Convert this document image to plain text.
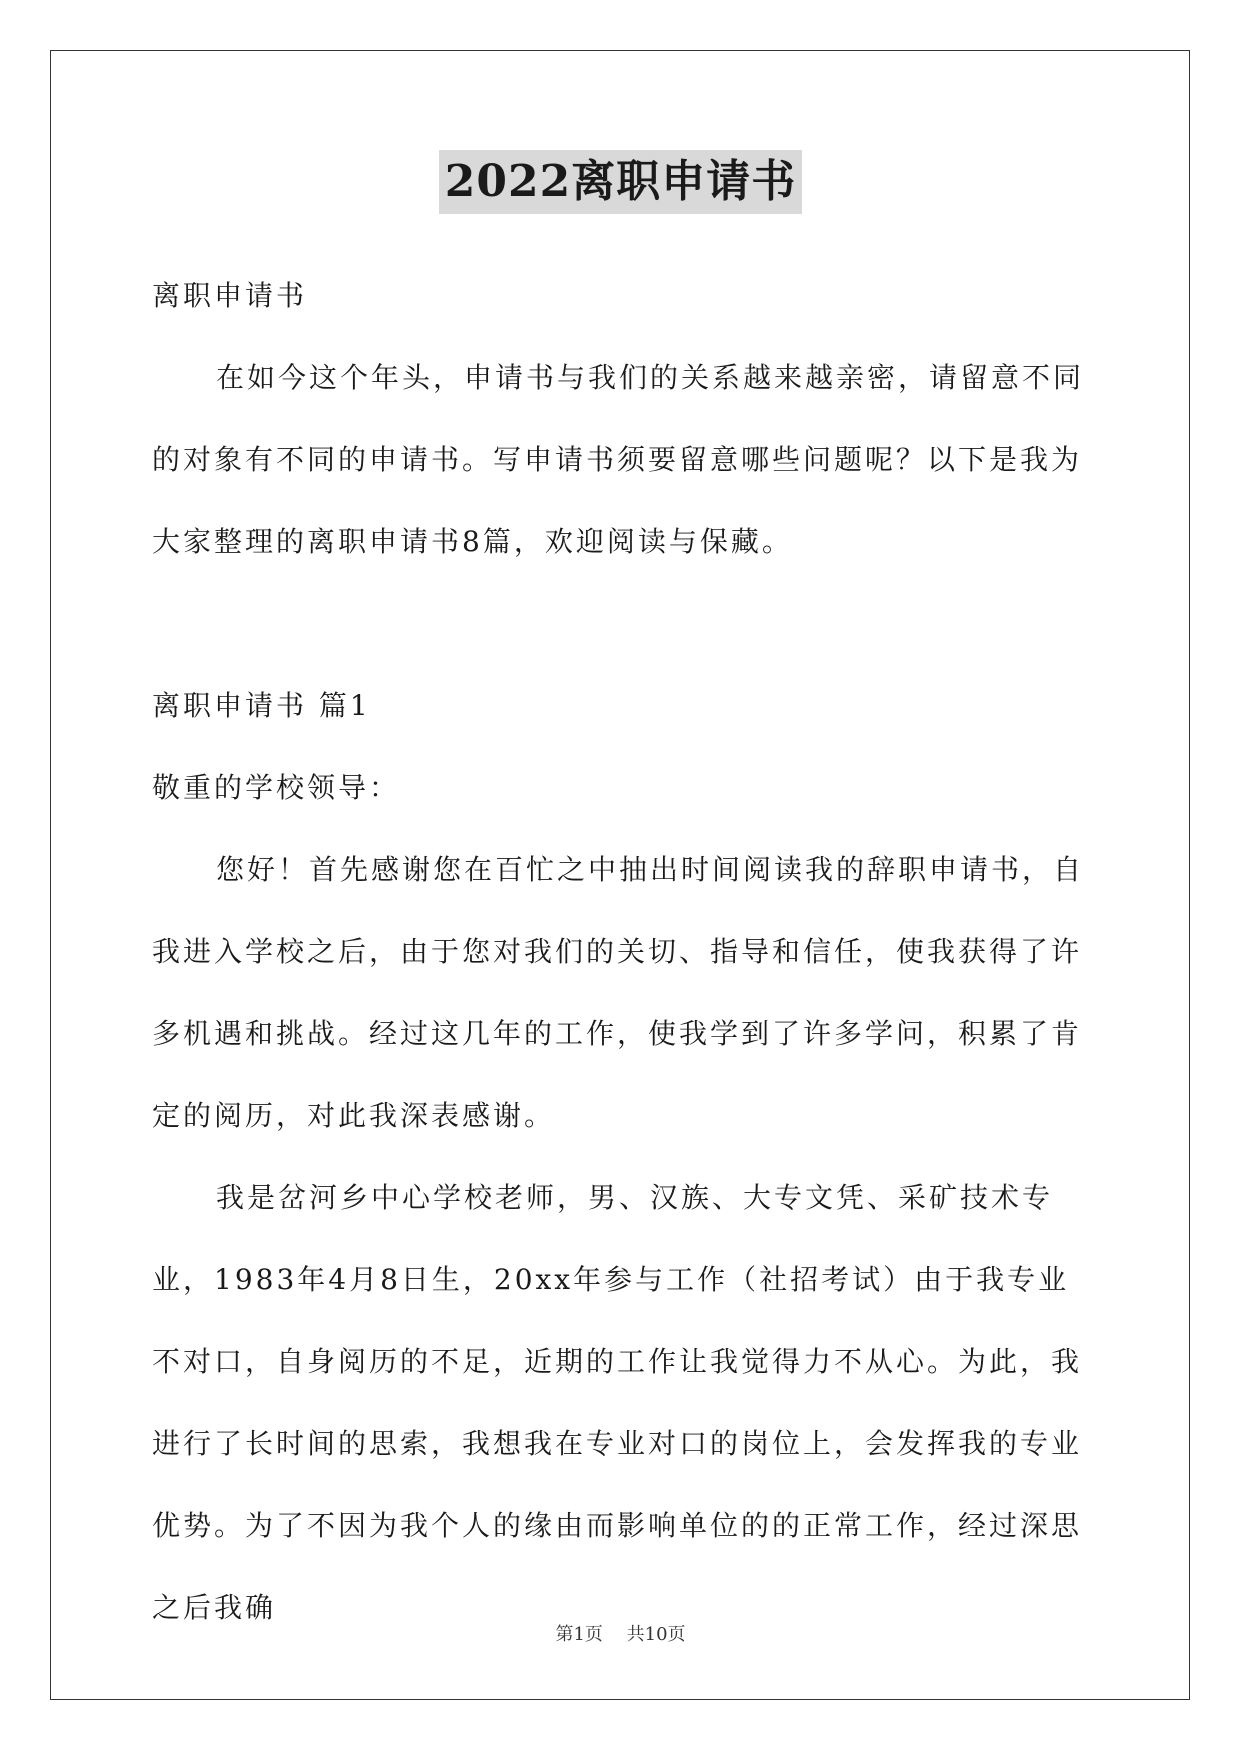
2022离职申请书

离职申请书

在如今这个年头，申请书与我们的关系越来越亲密，请留意不同的对象有不同的申请书。写申请书须要留意哪些问题呢？以下是我为大家整理的离职申请书8篇，欢迎阅读与保藏。

离职申请书 篇1

敬重的学校领导：

您好！首先感谢您在百忙之中抽出时间阅读我的辞职申请书，自我进入学校之后，由于您对我们的关切、指导和信任，使我获得了许多机遇和挑战。经过这几年的工作，使我学到了许多学问，积累了肯定的阅历，对此我深表感谢。

我是岔河乡中心学校老师，男、汉族、大专文凭、采矿技术专业，1983年4月8日生，20xx年参与工作（社招考试）由于我专业不对口，自身阅历的不足，近期的工作让我觉得力不从心。为此，我进行了长时间的思索，我想我在专业对口的岗位上，会发挥我的专业优势。为了不因为我个人的缘由而影响单位的的正常工作，经过深思之后我确

第1页 共10页
